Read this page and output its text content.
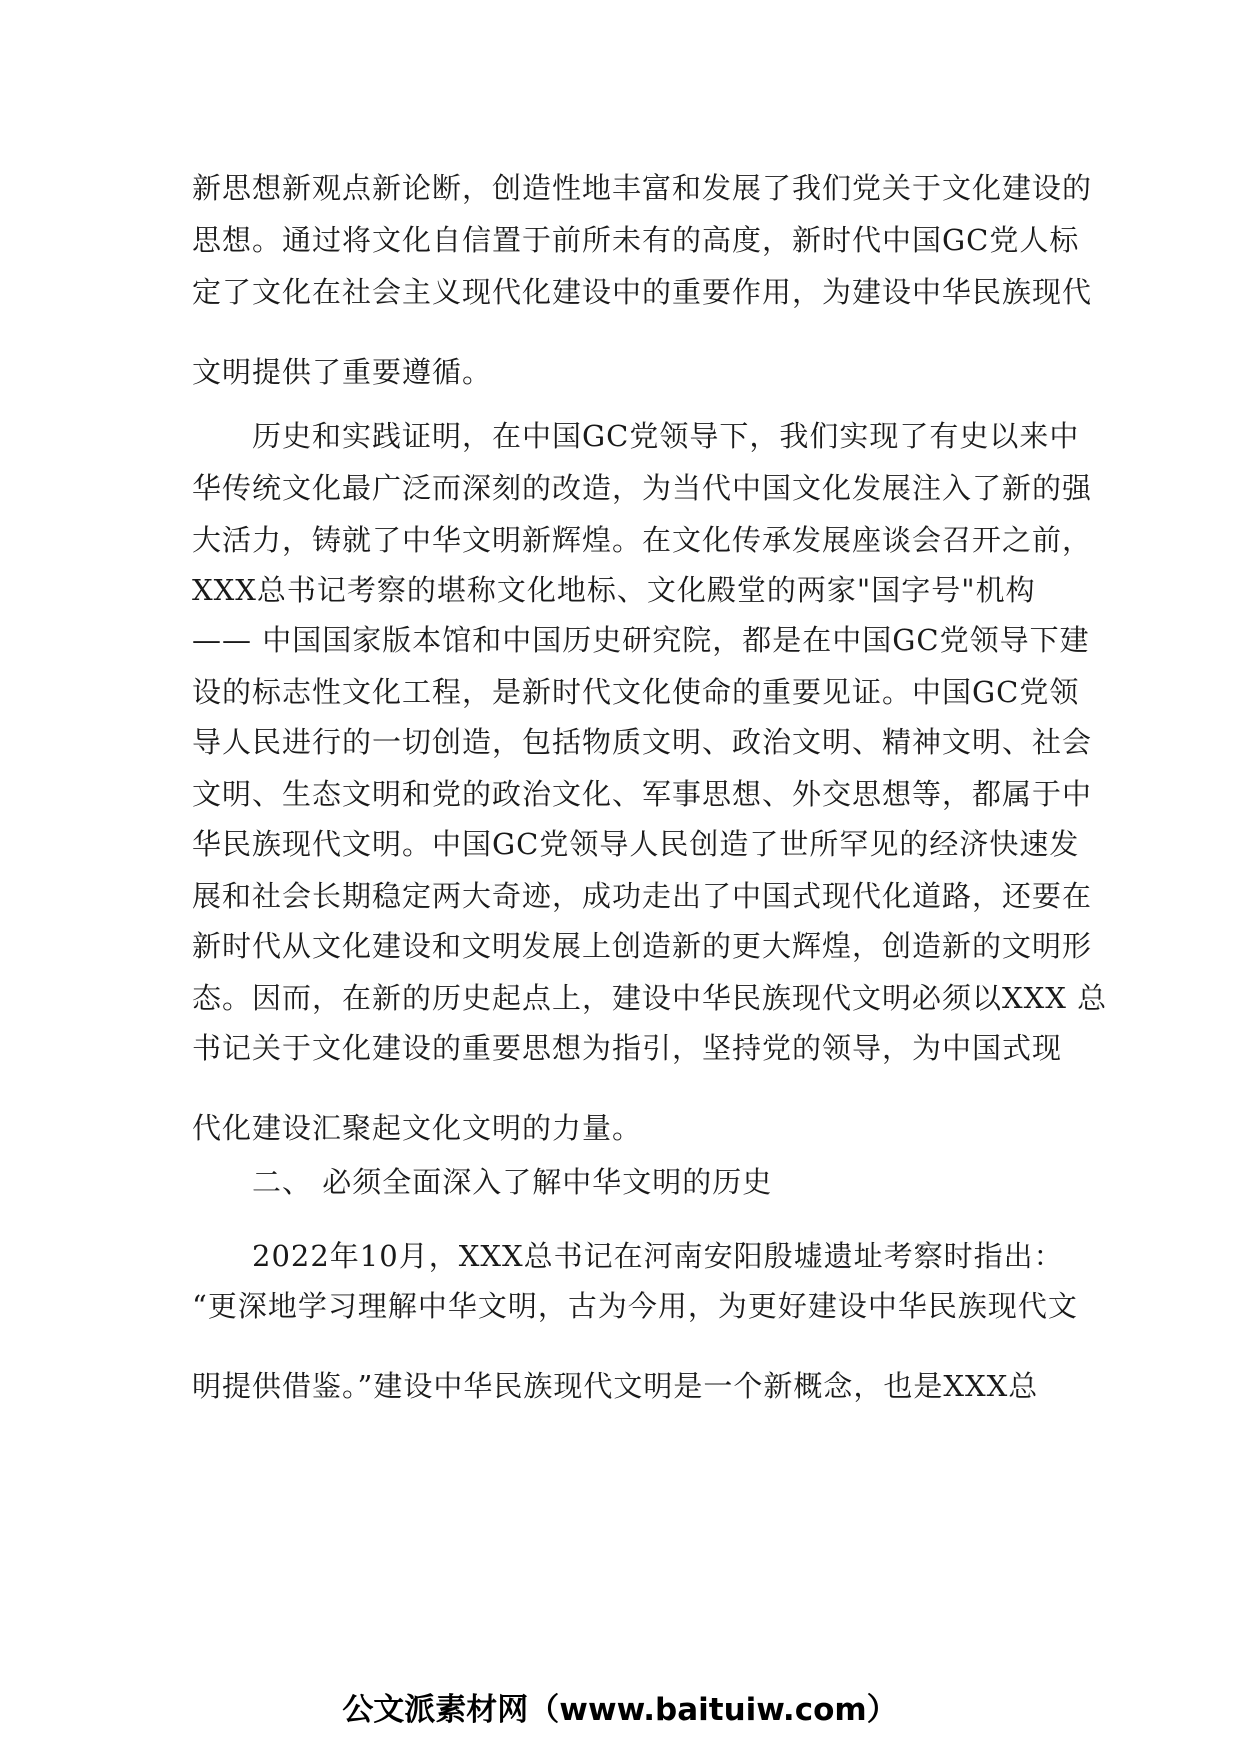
新思想新观点新论断，创造性地丰富和发展了我们党关于文化建设的
思想。通过将文化自信置于前所未有的高度，新时代中国GC党人标
定了文化在社会主义现代化建设中的重要作用，为建设中华民族现代
文明提供了重要遵循。
　　历史和实践证明，在中国GC党领导下，我们实现了有史以来中
华传统文化最广泛而深刻的改造，为当代中国文化发展注入了新的强
大活力，铸就了中华文明新辉煌。在文化传承发展座谈会召开之前，
XXX总书记考察的堪称文化地标、文化殿堂的两家"国字号"机构
—— 中国国家版本馆和中国历史研究院，都是在中国GC党领导下建
设的标志性文化工程，是新时代文化使命的重要见证。中国GC党领
导人民进行的一切创造，包括物质文明、政治文明、精神文明、社会
文明、生态文明和党的政治文化、军事思想、外交思想等，都属于中
华民族现代文明。中国GC党领导人民创造了世所罕见的经济快速发
展和社会长期稳定两大奇迹，成功走出了中国式现代化道路，还要在
新时代从文化建设和文明发展上创造新的更大辉煌，创造新的文明形
态。因而，在新的历史起点上，建设中华民族现代文明必须以XXX 总
书记关于文化建设的重要思想为指引，坚持党的领导，为中国式现
代化建设汇聚起文化文明的力量。
　　二、 必须全面深入了解中华文明的历史
　　2022年10月，XXX总书记在河南安阳殷墟遗址考察时指出：
“更深地学习理解中华文明，古为今用，为更好建设中华民族现代文
明提供借鉴。”建设中华民族现代文明是一个新概念，也是XXX总
公文派素材网（www.baituiw.com）
